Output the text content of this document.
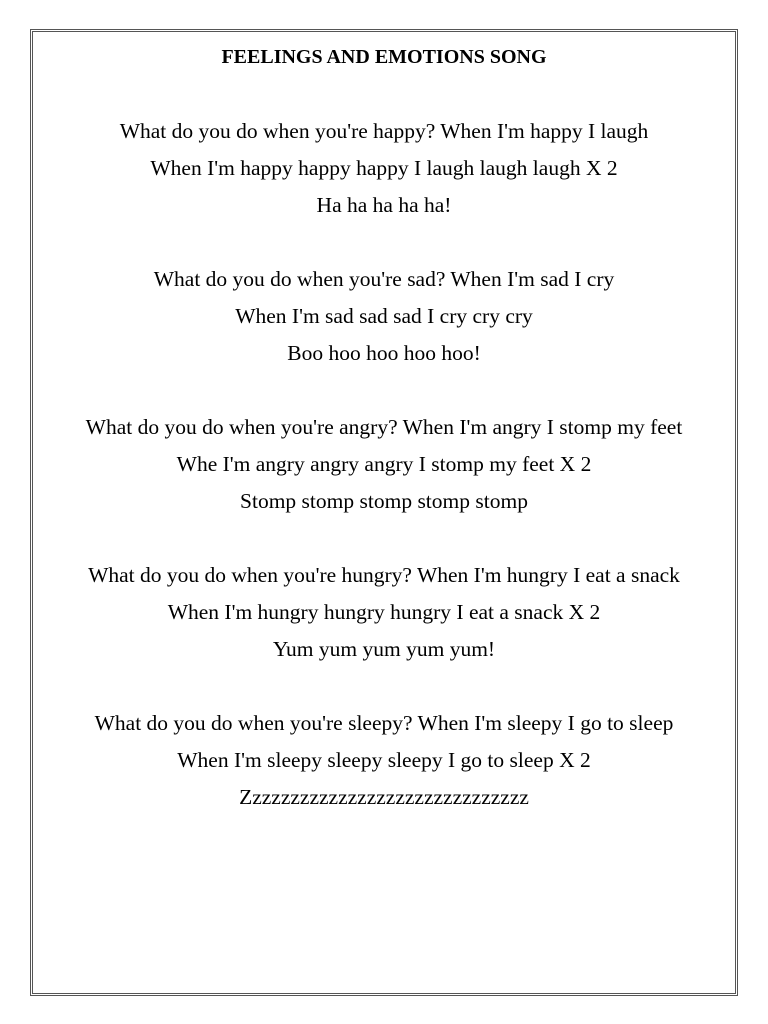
FEELINGS AND EMOTIONS SONG
What do you do when you're happy? When I'm happy I laugh
When I'm happy happy happy I laugh laugh laugh X 2
Ha ha ha ha ha!
What do you do when you're sad? When I'm sad I cry
When I'm sad sad sad I cry cry cry
Boo hoo hoo hoo hoo!
What do you do when you're angry? When I'm angry I stomp my feet
Whe I'm angry angry angry I stomp my feet X 2
Stomp stomp stomp stomp stomp
What do you do when you're hungry? When I'm hungry I eat a snack
When I'm hungry hungry hungry I eat a snack X 2
Yum yum yum yum yum!
What do you do when you're sleepy? When I'm sleepy I go to sleep
When I'm sleepy sleepy sleepy I go to sleep X 2
Zzzzzzzzzzzzzzzzzzzzzzzzzzzzzz
